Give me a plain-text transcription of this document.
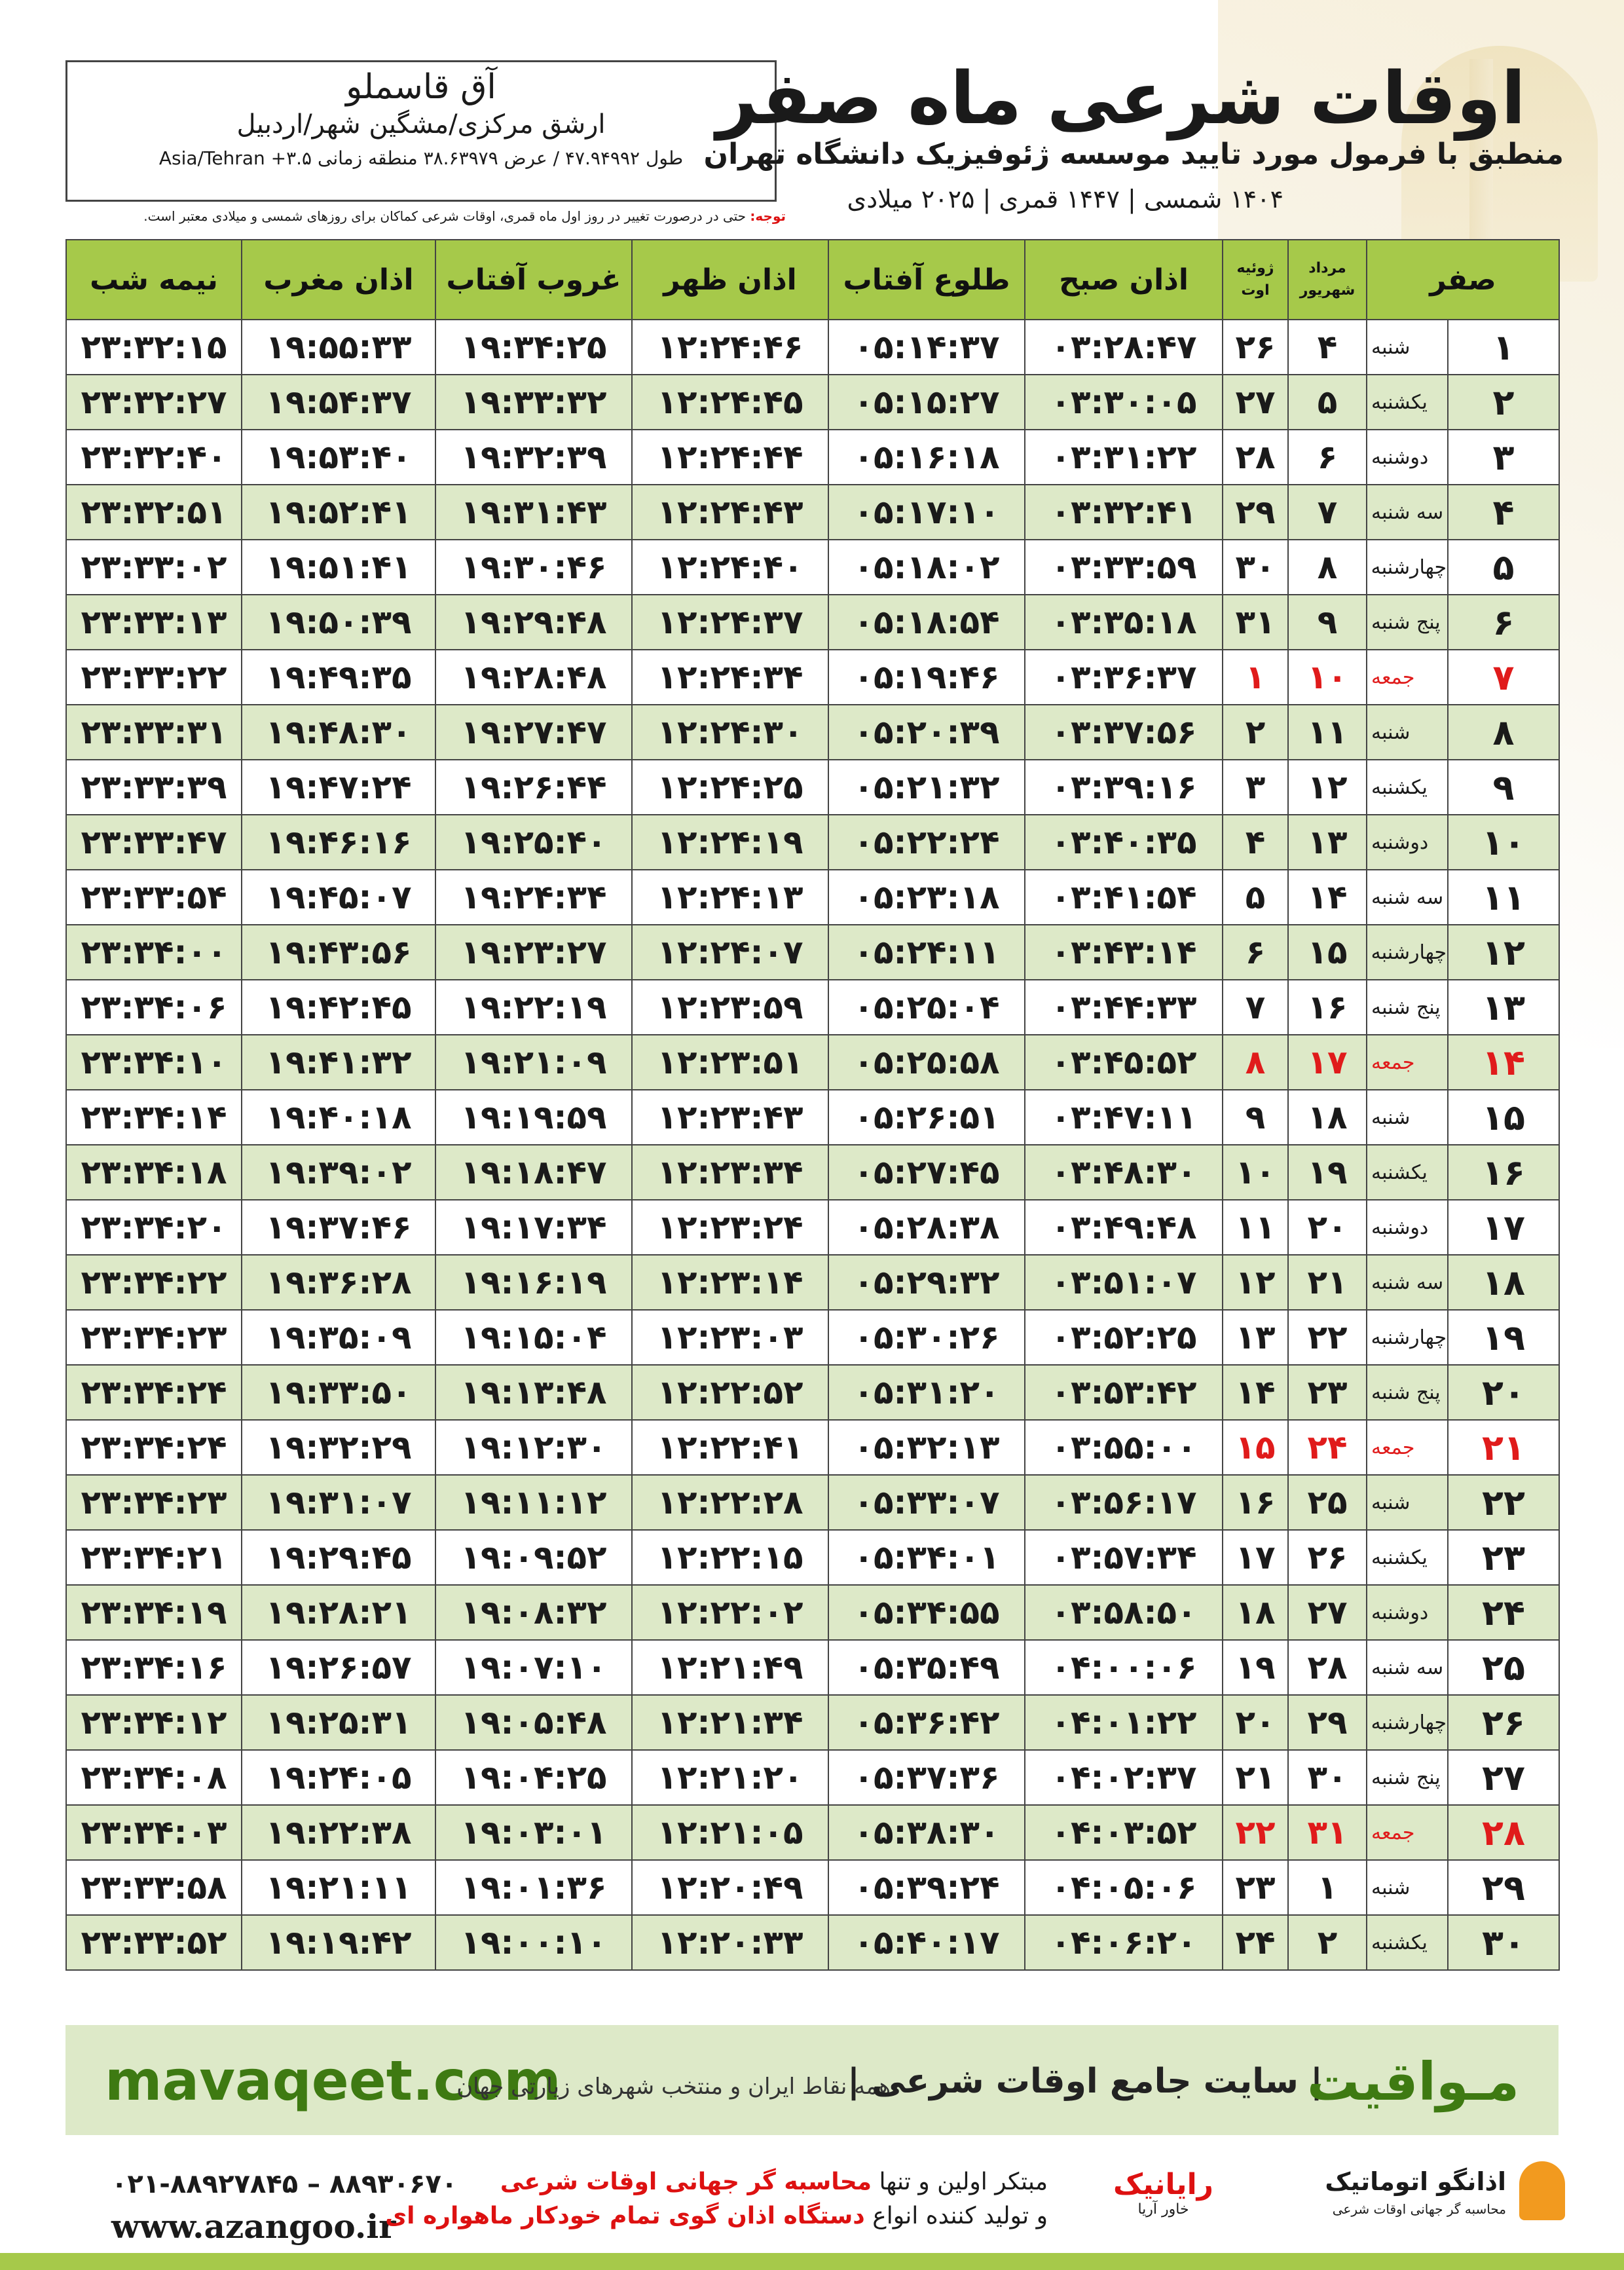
آق قاسملو
ارشق مرکزی/مشگین شهر/اردبیل
طول ۴۷.۹۴۹۹۲ / عرض ۳۸.۶۳۹۷۹ منطقه زمانی ۳.۵+ Asia/Tehran
توجه: حتی در درصورت تغییر در روز اول ماه قمری، اوقات شرعی کماکان برای روزهای شمسی و میلادی معتبر است.
اوقات شرعی ماه صفر
منطبق با فرمول مورد تایید موسسه ژئوفیزیک دانشگاه تهران
۱۴۰۴ شمسی | ۱۴۴۷ قمری | ۲۰۲۵ میلادی
صفر		مرداد شهریور	ژوئیه اوت	اذان صبح	طلوع آفتاب	اذان ظهر	غروب آفتاب	اذان مغرب	نیمه شب
۱	شنبه	۴	۲۶	۰۳:۲۸:۴۷	۰۵:۱۴:۳۷	۱۲:۲۴:۴۶	۱۹:۳۴:۲۵	۱۹:۵۵:۳۳	۲۳:۳۲:۱۵
۲	یکشنبه	۵	۲۷	۰۳:۳۰:۰۵	۰۵:۱۵:۲۷	۱۲:۲۴:۴۵	۱۹:۳۳:۳۲	۱۹:۵۴:۳۷	۲۳:۳۲:۲۷
۳	دوشنبه	۶	۲۸	۰۳:۳۱:۲۲	۰۵:۱۶:۱۸	۱۲:۲۴:۴۴	۱۹:۳۲:۳۹	۱۹:۵۳:۴۰	۲۳:۳۲:۴۰
۴	سه شنبه	۷	۲۹	۰۳:۳۲:۴۱	۰۵:۱۷:۱۰	۱۲:۲۴:۴۳	۱۹:۳۱:۴۳	۱۹:۵۲:۴۱	۲۳:۳۲:۵۱
۵	چهارشنبه	۸	۳۰	۰۳:۳۳:۵۹	۰۵:۱۸:۰۲	۱۲:۲۴:۴۰	۱۹:۳۰:۴۶	۱۹:۵۱:۴۱	۲۳:۳۳:۰۲
۶	پنج شنبه	۹	۳۱	۰۳:۳۵:۱۸	۰۵:۱۸:۵۴	۱۲:۲۴:۳۷	۱۹:۲۹:۴۸	۱۹:۵۰:۳۹	۲۳:۳۳:۱۳
۷	جمعه	۱۰	۱	۰۳:۳۶:۳۷	۰۵:۱۹:۴۶	۱۲:۲۴:۳۴	۱۹:۲۸:۴۸	۱۹:۴۹:۳۵	۲۳:۳۳:۲۲
۸	شنبه	۱۱	۲	۰۳:۳۷:۵۶	۰۵:۲۰:۳۹	۱۲:۲۴:۳۰	۱۹:۲۷:۴۷	۱۹:۴۸:۳۰	۲۳:۳۳:۳۱
۹	یکشنبه	۱۲	۳	۰۳:۳۹:۱۶	۰۵:۲۱:۳۲	۱۲:۲۴:۲۵	۱۹:۲۶:۴۴	۱۹:۴۷:۲۴	۲۳:۳۳:۳۹
۱۰	دوشنبه	۱۳	۴	۰۳:۴۰:۳۵	۰۵:۲۲:۲۴	۱۲:۲۴:۱۹	۱۹:۲۵:۴۰	۱۹:۴۶:۱۶	۲۳:۳۳:۴۷
۱۱	سه شنبه	۱۴	۵	۰۳:۴۱:۵۴	۰۵:۲۳:۱۸	۱۲:۲۴:۱۳	۱۹:۲۴:۳۴	۱۹:۴۵:۰۷	۲۳:۳۳:۵۴
۱۲	چهارشنبه	۱۵	۶	۰۳:۴۳:۱۴	۰۵:۲۴:۱۱	۱۲:۲۴:۰۷	۱۹:۲۳:۲۷	۱۹:۴۳:۵۶	۲۳:۳۴:۰۰
۱۳	پنج شنبه	۱۶	۷	۰۳:۴۴:۳۳	۰۵:۲۵:۰۴	۱۲:۲۳:۵۹	۱۹:۲۲:۱۹	۱۹:۴۲:۴۵	۲۳:۳۴:۰۶
۱۴	جمعه	۱۷	۸	۰۳:۴۵:۵۲	۰۵:۲۵:۵۸	۱۲:۲۳:۵۱	۱۹:۲۱:۰۹	۱۹:۴۱:۳۲	۲۳:۳۴:۱۰
۱۵	شنبه	۱۸	۹	۰۳:۴۷:۱۱	۰۵:۲۶:۵۱	۱۲:۲۳:۴۳	۱۹:۱۹:۵۹	۱۹:۴۰:۱۸	۲۳:۳۴:۱۴
۱۶	یکشنبه	۱۹	۱۰	۰۳:۴۸:۳۰	۰۵:۲۷:۴۵	۱۲:۲۳:۳۴	۱۹:۱۸:۴۷	۱۹:۳۹:۰۲	۲۳:۳۴:۱۸
۱۷	دوشنبه	۲۰	۱۱	۰۳:۴۹:۴۸	۰۵:۲۸:۳۸	۱۲:۲۳:۲۴	۱۹:۱۷:۳۴	۱۹:۳۷:۴۶	۲۳:۳۴:۲۰
۱۸	سه شنبه	۲۱	۱۲	۰۳:۵۱:۰۷	۰۵:۲۹:۳۲	۱۲:۲۳:۱۴	۱۹:۱۶:۱۹	۱۹:۳۶:۲۸	۲۳:۳۴:۲۲
۱۹	چهارشنبه	۲۲	۱۳	۰۳:۵۲:۲۵	۰۵:۳۰:۲۶	۱۲:۲۳:۰۳	۱۹:۱۵:۰۴	۱۹:۳۵:۰۹	۲۳:۳۴:۲۳
۲۰	پنج شنبه	۲۳	۱۴	۰۳:۵۳:۴۲	۰۵:۳۱:۲۰	۱۲:۲۲:۵۲	۱۹:۱۳:۴۸	۱۹:۳۳:۵۰	۲۳:۳۴:۲۴
۲۱	جمعه	۲۴	۱۵	۰۳:۵۵:۰۰	۰۵:۳۲:۱۳	۱۲:۲۲:۴۱	۱۹:۱۲:۳۰	۱۹:۳۲:۲۹	۲۳:۳۴:۲۴
۲۲	شنبه	۲۵	۱۶	۰۳:۵۶:۱۷	۰۵:۳۳:۰۷	۱۲:۲۲:۲۸	۱۹:۱۱:۱۲	۱۹:۳۱:۰۷	۲۳:۳۴:۲۳
۲۳	یکشنبه	۲۶	۱۷	۰۳:۵۷:۳۴	۰۵:۳۴:۰۱	۱۲:۲۲:۱۵	۱۹:۰۹:۵۲	۱۹:۲۹:۴۵	۲۳:۳۴:۲۱
۲۴	دوشنبه	۲۷	۱۸	۰۳:۵۸:۵۰	۰۵:۳۴:۵۵	۱۲:۲۲:۰۲	۱۹:۰۸:۳۲	۱۹:۲۸:۲۱	۲۳:۳۴:۱۹
۲۵	سه شنبه	۲۸	۱۹	۰۴:۰۰:۰۶	۰۵:۳۵:۴۹	۱۲:۲۱:۴۹	۱۹:۰۷:۱۰	۱۹:۲۶:۵۷	۲۳:۳۴:۱۶
۲۶	چهارشنبه	۲۹	۲۰	۰۴:۰۱:۲۲	۰۵:۳۶:۴۲	۱۲:۲۱:۳۴	۱۹:۰۵:۴۸	۱۹:۲۵:۳۱	۲۳:۳۴:۱۲
۲۷	پنج شنبه	۳۰	۲۱	۰۴:۰۲:۳۷	۰۵:۳۷:۳۶	۱۲:۲۱:۲۰	۱۹:۰۴:۲۵	۱۹:۲۴:۰۵	۲۳:۳۴:۰۸
۲۸	جمعه	۳۱	۲۲	۰۴:۰۳:۵۲	۰۵:۳۸:۳۰	۱۲:۲۱:۰۵	۱۹:۰۳:۰۱	۱۹:۲۲:۳۸	۲۳:۳۴:۰۳
۲۹	شنبه	۱	۲۳	۰۴:۰۵:۰۶	۰۵:۳۹:۲۴	۱۲:۲۰:۴۹	۱۹:۰۱:۳۶	۱۹:۲۱:۱۱	۲۳:۳۳:۵۸
۳۰	یکشنبه	۲	۲۴	۰۴:۰۶:۲۰	۰۵:۴۰:۱۷	۱۲:۲۰:۳۳	۱۹:۰۰:۱۰	۱۹:۱۹:۴۲	۲۳:۳۳:۵۲
mavaqeet.com
همه نقاط ایران و منتخب شهرهای زیارتی جهان
| سایت جامع اوقات شرعی |
مـواقیت
۰۲۱-۸۸۹۲۷۸۴۵ – ۸۸۹۳۰۶۷۰
www.azangoo.ir
مبتکر اولین و تنها محاسبه گر جهانی اوقات شرعی
و تولید کننده انواع دستگاه اذان گوی تمام خودکار ماهواره ای
رایانیک
خاور آریا
اذانگو اتوماتیک
محاسبه گر جهانی اوقات شرعی
